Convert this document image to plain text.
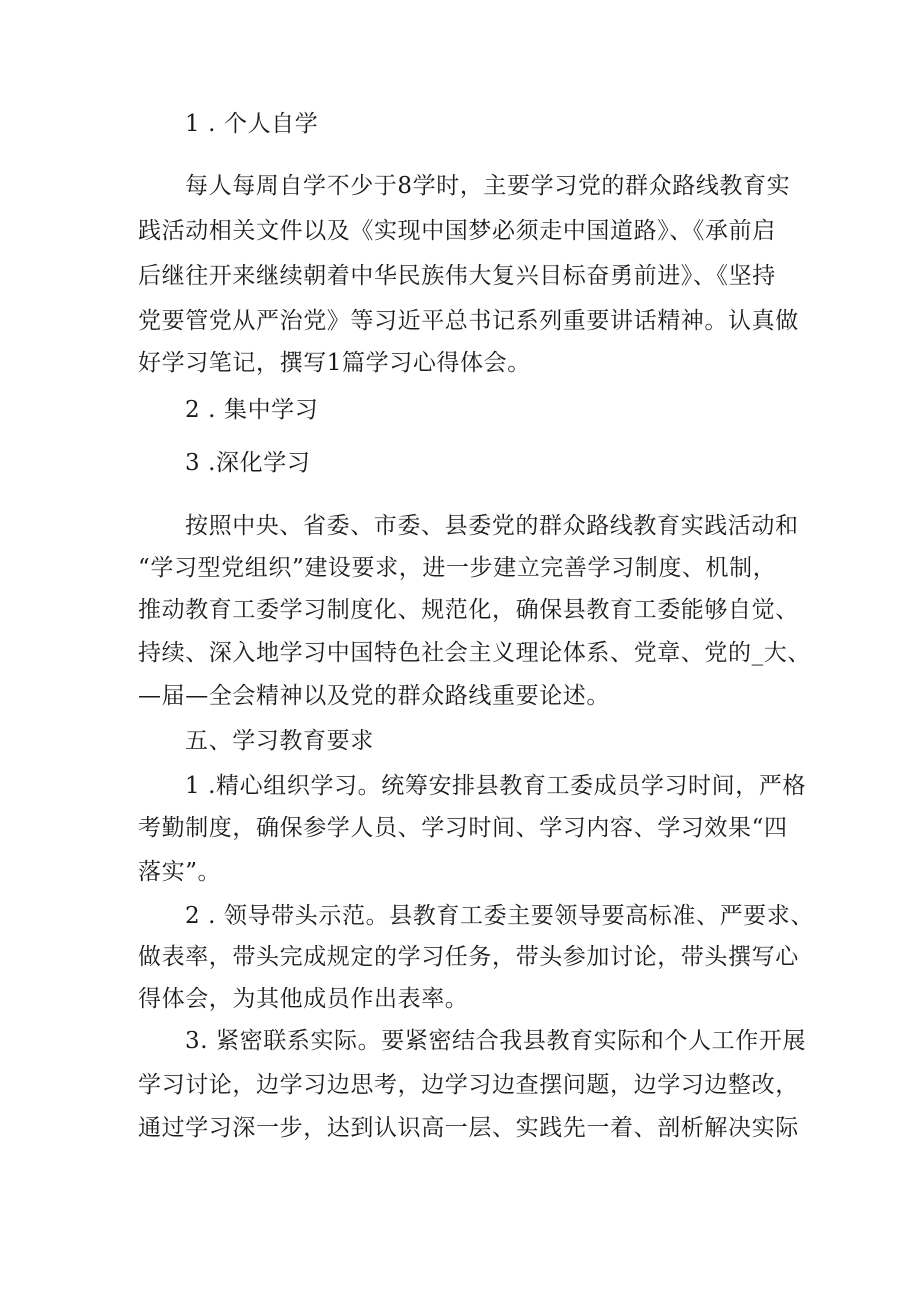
1 . 个人自学
每人每周自学不少于8学时，主要学习党的群众路线教育实
践活动相关文件以及《实现中国梦必须走中国道路》、《承前启
后继往开来继续朝着中华民族伟大复兴目标奋勇前进》、《坚持
党要管党从严治党》等习近平总书记系列重要讲话精神。认真做
好学习笔记，撰写1篇学习心得体会。
2 . 集中学习
3 .深化学习
按照中央、省委、市委、县委党的群众路线教育实践活动和
“学习型党组织”建设要求，进一步建立完善学习制度、机制，
推动教育工委学习制度化、规范化，确保县教育工委能够自觉、
持续、深入地学习中国特色社会主义理论体系、党章、党的_大、
—届—全会精神以及党的群众路线重要论述。
五、学习教育要求
1 .精心组织学习。统筹安排县教育工委成员学习时间，严格
考勤制度，确保参学人员、学习时间、学习内容、学习效果“四
落实”。
2 . 领导带头示范。县教育工委主要领导要高标准、严要求、
做表率，带头完成规定的学习任务，带头参加讨论，带头撰写心
得体会，为其他成员作出表率。
3. 紧密联系实际。要紧密结合我县教育实际和个人工作开展
学习讨论，边学习边思考，边学习边查摆问题，边学习边整改，
通过学习深一步，达到认识高一层、实践先一着、剖析解决实际
